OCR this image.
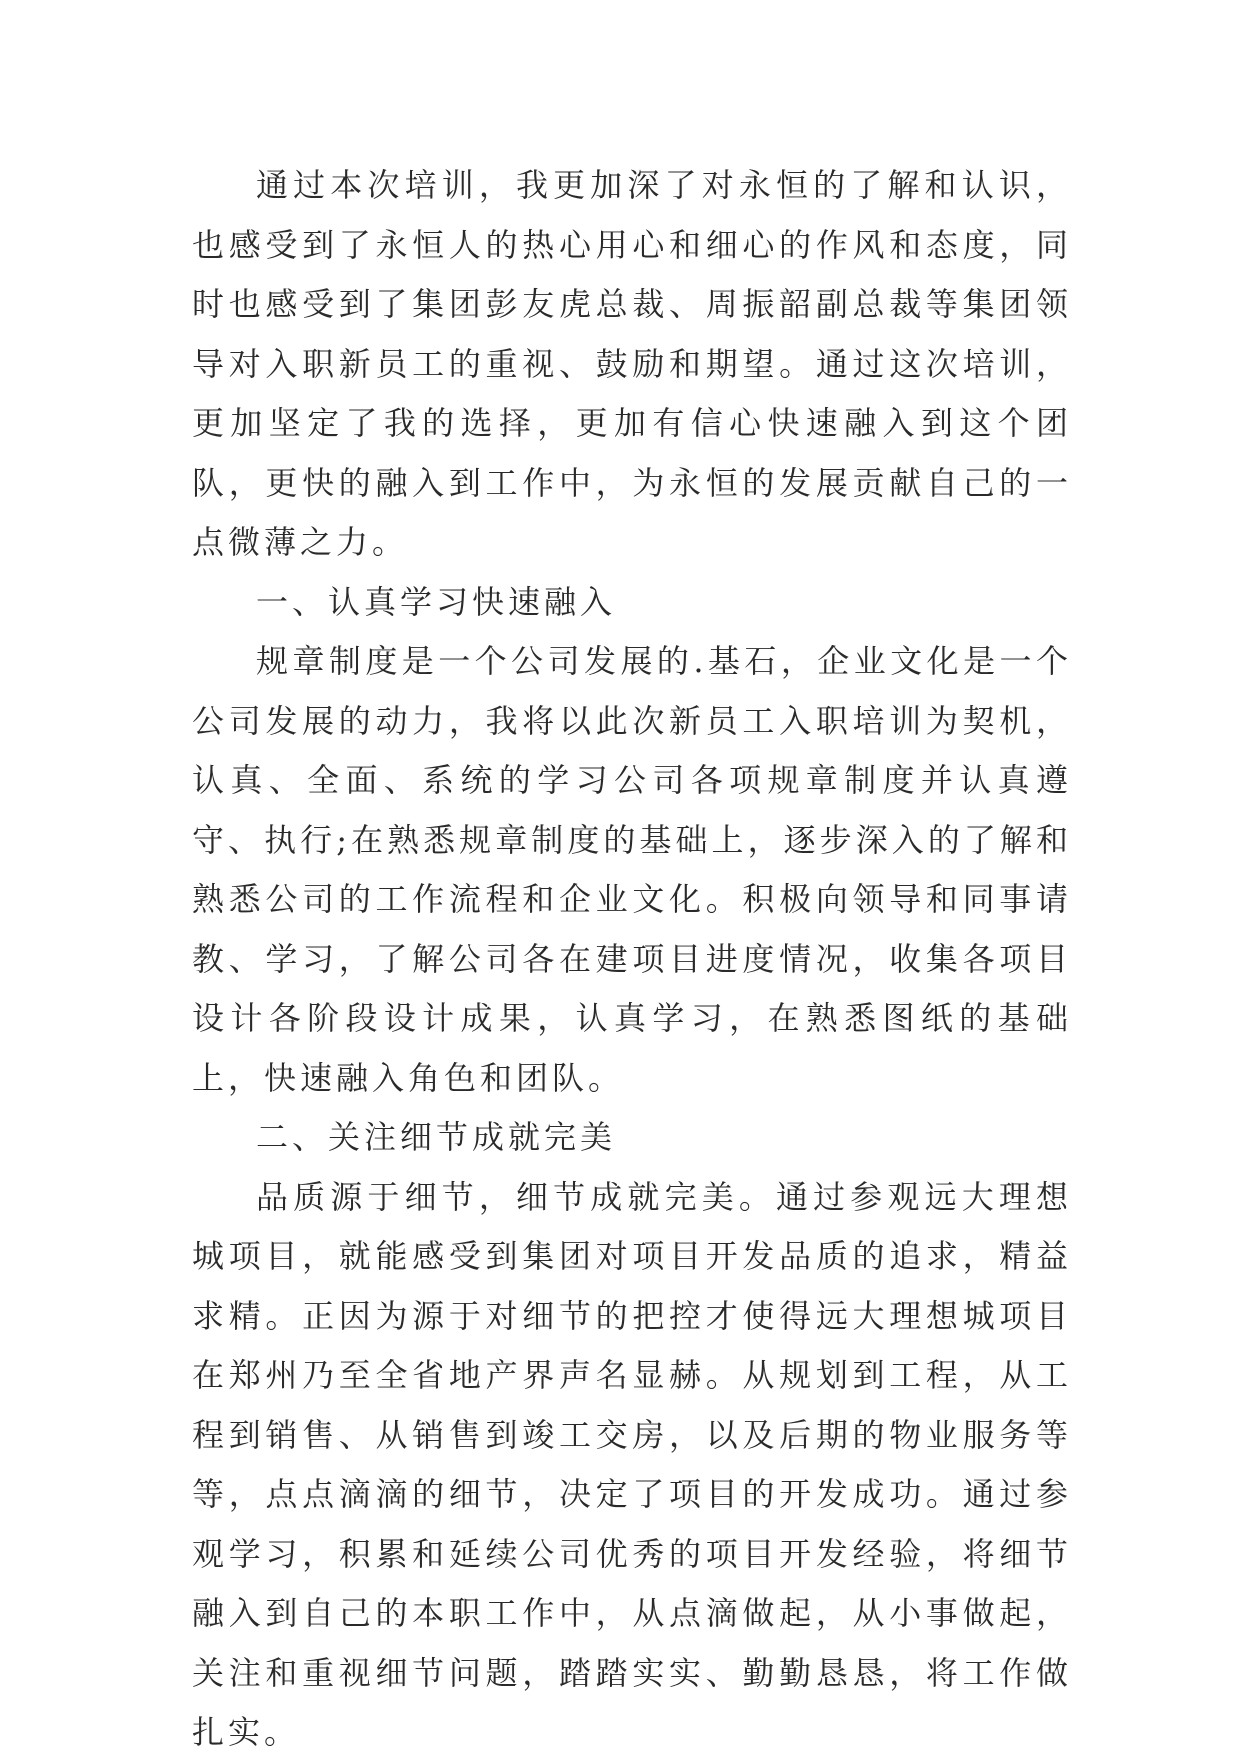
通过本次培训，我更加深了对永恒的了解和认识，也感受到了永恒人的热心用心和细心的作风和态度，同时也感受到了集团彭友虎总裁、周振韶副总裁等集团领导对入职新员工的重视、鼓励和期望。通过这次培训，更加坚定了我的选择，更加有信心快速融入到这个团队，更快的融入到工作中，为永恒的发展贡献自己的一点微薄之力。

一、认真学习快速融入

规章制度是一个公司发展的.基石，企业文化是一个公司发展的动力，我将以此次新员工入职培训为契机，认真、全面、系统的学习公司各项规章制度并认真遵守、执行;在熟悉规章制度的基础上，逐步深入的了解和熟悉公司的工作流程和企业文化。积极向领导和同事请教、学习，了解公司各在建项目进度情况，收集各项目设计各阶段设计成果，认真学习，在熟悉图纸的基础上，快速融入角色和团队。

二、关注细节成就完美

品质源于细节，细节成就完美。通过参观远大理想城项目，就能感受到集团对项目开发品质的追求，精益求精。正因为源于对细节的把控才使得远大理想城项目在郑州乃至全省地产界声名显赫。从规划到工程，从工程到销售、从销售到竣工交房，以及后期的物业服务等等，点点滴滴的细节，决定了项目的开发成功。通过参观学习，积累和延续公司优秀的项目开发经验，将细节融入到自己的本职工作中，从点滴做起，从小事做起，关注和重视细节问题，踏踏实实、勤勤恳恳，将工作做扎实。
